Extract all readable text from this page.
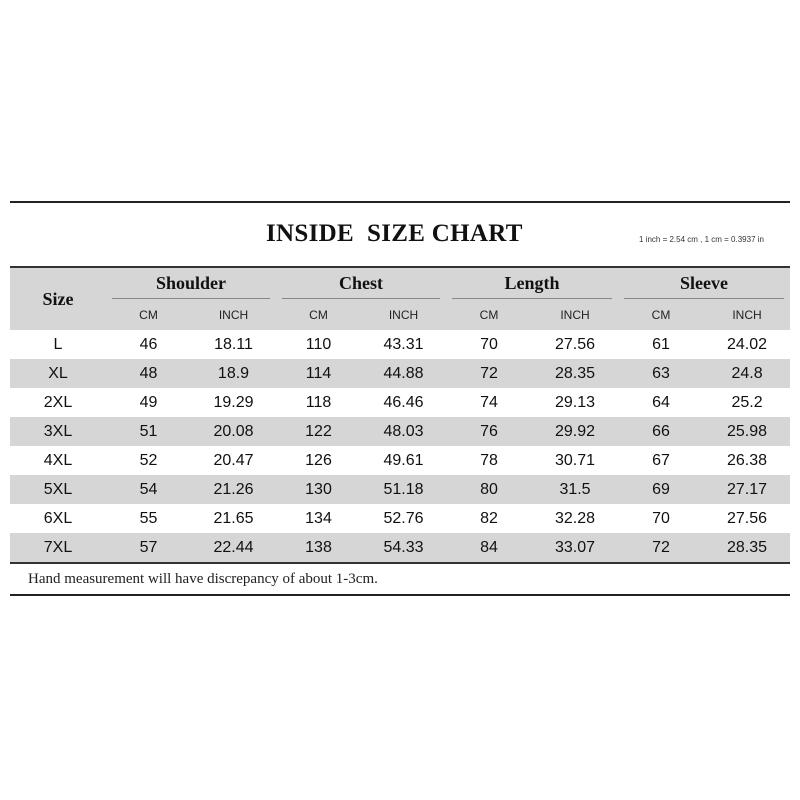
INSIDE  SIZE CHART	1 inch = 2.54 cm , 1 cm = 0.3937 in
Size	Shoulder		Chest		Length		Sleeve	

	CM	INCH	CM	INCH	CM	INCH	CM	INCH
L	46	18.11	110	43.31	70	27.56	61	24.02
XL	48	18.9	114	44.88	72	28.35	63	24.8
2XL	49	19.29	118	46.46	74	29.13	64	25.2
3XL	51	20.08	122	48.03	76	29.92	66	25.98
4XL	52	20.47	126	49.61	78	30.71	67	26.38
5XL	54	21.26	130	51.18	80	31.5	69	27.17
6XL	55	21.65	134	52.76	82	32.28	70	27.56
7XL	57	22.44	138	54.33	84	33.07	72	28.35
Hand measurement will have discrepancy of about 1-3cm.
